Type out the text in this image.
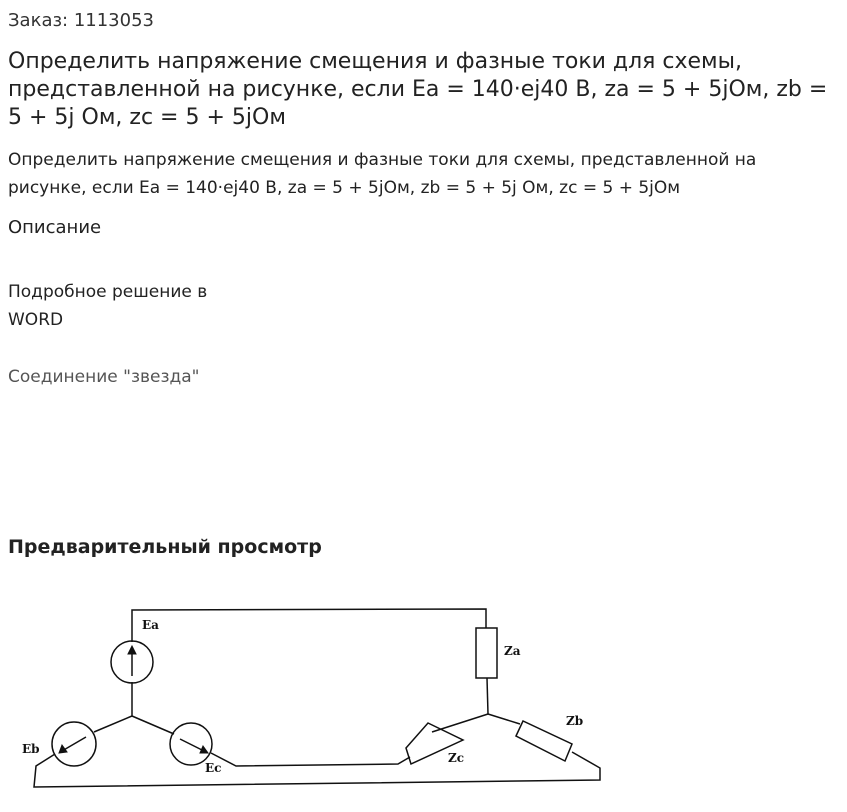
Заказ: 1113053
Определить напряжение смещения и фазные токи для схемы, представленной на рисунке, если Ea = 140·ej40 В, za = 5 + 5jОм, zb = 5 + 5j Ом, zc = 5 + 5jОм

Определить напряжение смещения и фазные токи для схемы, представленной на рисунке, если Ea = 140·ej40 В, za = 5 + 5jОм, zb = 5 + 5j Ом, zc = 5 + 5jОм

Описание
Подробное решение в WORD
Соединение "звезда"
Предварительный просмотр
Ea
Eb
Ec
Za
Zb
Zc
